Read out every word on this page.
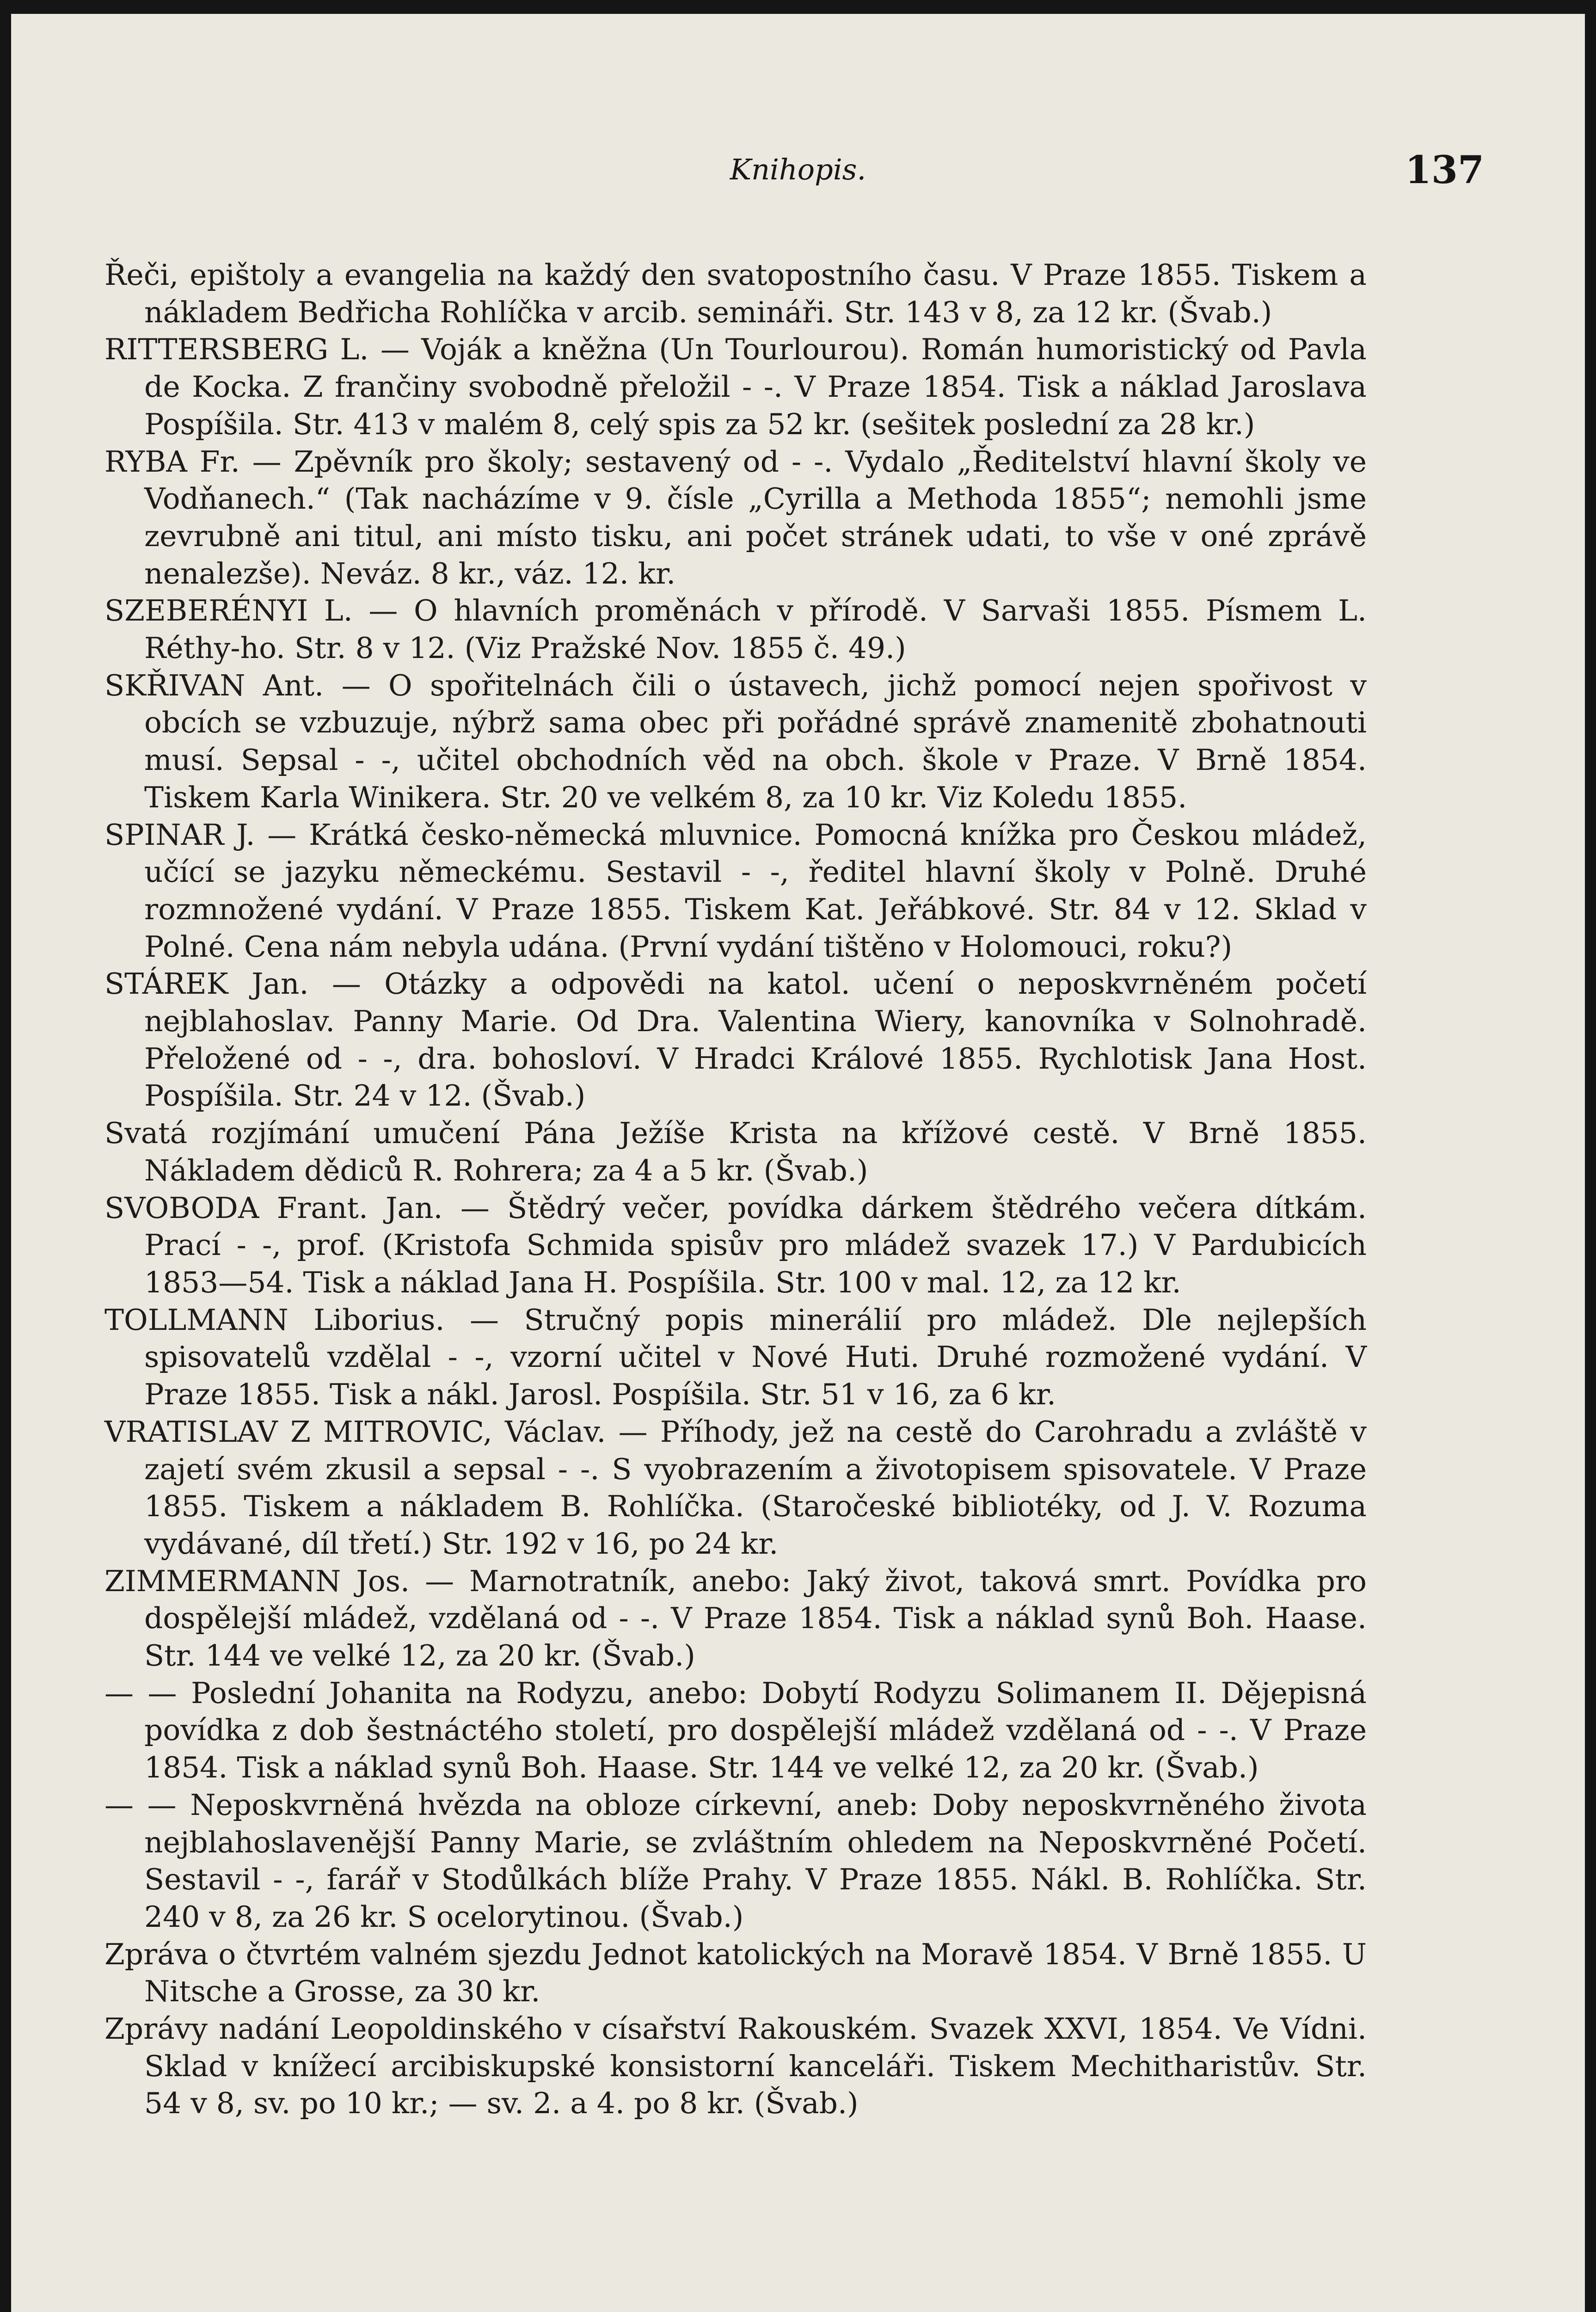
Knihopis.	137

Řeči, epištoly a evangelia na každý den svatopostního času. V Praze 1855. Tiskem a nákladem Bedřicha Rohlíčka v arcib. semináři. Str. 143 v 8, za 12 kr. (Švab.)

RITTERSBERG L. — Voják a kněžna (Un Tourlourou). Román humoristický od Pavla de Kocka. Z frančiny svobodně přeložil - -. V Praze 1854. Tisk a náklad Jaroslava Pospíšila. Str. 413 v malém 8, celý spis za 52 kr. (sešitek poslední za 28 kr.)

RYBA Fr. — Zpěvník pro školy; sestavený od - -. Vydalo „Ředitelství hlavní školy ve Vodňanech.“ (Tak nacházíme v 9. čísle „Cyrilla a Methoda 1855“; nemohli jsme zevrubně ani titul, ani místo tisku, ani počet stránek udati, to vše v oné zprávě nenalezše). Neváz. 8 kr., váz. 12. kr.

SZEBERÉNYI L. — O hlavních proměnách v přírodě. V Sarvaši 1855. Písmem L. Réthy-ho. Str. 8 v 12. (Viz Pražské Nov. 1855 č. 49.)

SKŘIVAN Ant. — O spořitelnách čili o ústavech, jichž pomocí nejen spořivost v obcích se vzbuzuje, nýbrž sama obec při pořádné správě znamenitě zbohatnouti musí. Sepsal - -, učitel obchodních věd na obch. škole v Praze. V Brně 1854. Tiskem Karla Winikera. Str. 20 ve velkém 8, za 10 kr. Viz Koledu 1855.

SPINAR J. — Krátká česko-německá mluvnice. Pomocná knížka pro Českou mládež, učící se jazyku německému. Sestavil - -, ředitel hlavní školy v Polně. Druhé rozmnožené vydání. V Praze 1855. Tiskem Kat. Jeřábkové. Str. 84 v 12. Sklad v Polné. Cena nám nebyla udána. (První vydání tištěno v Holomouci, roku?)

STÁREK Jan. — Otázky a odpovědi na katol. učení o neposkvrněném početí nejblahoslav. Panny Marie. Od Dra. Valentina Wiery, kanovníka v Solnohradě. Přeložené od - -, dra. bohosloví. V Hradci Králové 1855. Rychlotisk Jana Host. Pospíšila. Str. 24 v 12. (Švab.)

Svatá rozjímání umučení Pána Ježíše Krista na křížové cestě. V Brně 1855. Nákladem dědiců R. Rohrera; za 4 a 5 kr. (Švab.)

SVOBODA Frant. Jan. — Štědrý večer, povídka dárkem štědrého večera dítkám. Prací - -, prof. (Kristofa Schmida spisův pro mládež svazek 17.) V Pardubicích 1853—54. Tisk a náklad Jana H. Pospíšila. Str. 100 v mal. 12, za 12 kr.

TOLLMANN Liborius. — Stručný popis minerálií pro mládež. Dle nejlepších spisovatelů vzdělal - -, vzorní učitel v Nové Huti. Druhé rozmožené vydání. V Praze 1855. Tisk a nákl. Jarosl. Pospíšila. Str. 51 v 16, za 6 kr.

VRATISLAV Z MITROVIC, Václav. — Příhody, jež na cestě do Carohradu a zvláště v zajetí svém zkusil a sepsal - -. S vyobrazením a životopisem spisovatele. V Praze 1855. Tiskem a nákladem B. Rohlíčka. (Staročeské bibliotéky, od J. V. Rozuma vydávané, díl třetí.) Str. 192 v 16, po 24 kr.

ZIMMERMANN Jos. — Marnotratník, anebo: Jaký život, taková smrt. Povídka pro dospělejší mládež, vzdělaná od - -. V Praze 1854. Tisk a náklad synů Boh. Haase. Str. 144 ve velké 12, za 20 kr. (Švab.)

— — Poslední Johanita na Rodyzu, anebo: Dobytí Rodyzu Solimanem II. Dějepisná povídka z dob šestnáctého století, pro dospělejší mládež vzdělaná od - -. V Praze 1854. Tisk a náklad synů Boh. Haase. Str. 144 ve velké 12, za 20 kr. (Švab.)

— — Neposkvrněná hvězda na obloze církevní, aneb: Doby neposkvrněného života nejblahoslavenější Panny Marie, se zvláštním ohledem na Neposkvrněné Početí. Sestavil - -, farář v Stodůlkách blíže Prahy. V Praze 1855. Nákl. B. Rohlíčka. Str. 240 v 8, za 26 kr. S ocelorytinou. (Švab.)

Zpráva o čtvrtém valném sjezdu Jednot katolických na Moravě 1854. V Brně 1855. U Nitsche a Grosse, za 30 kr.

Zprávy nadání Leopoldinského v císařství Rakouském. Svazek XXVI, 1854. Ve Vídni. Sklad v knížecí arcibiskupské konsistorní kanceláři. Tiskem Mechitharistův. Str. 54 v 8, sv. po 10 kr.; — sv. 2. a 4. po 8 kr. (Švab.)
